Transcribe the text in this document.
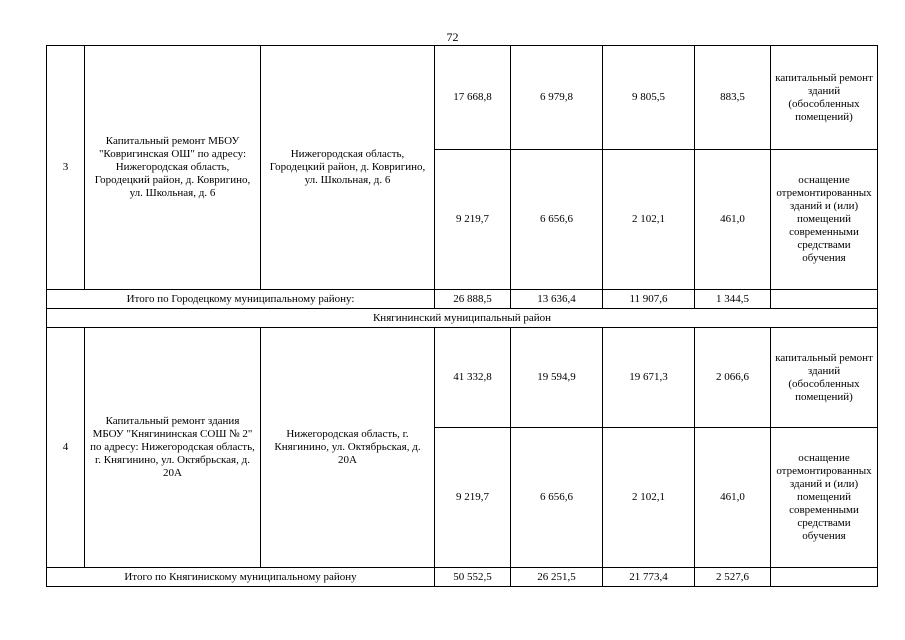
72
3	Капитальный ремонт МБОУ "Ковригинская ОШ" по адресу: Нижегородская область, Городецкий район, д. Ковригино, ул. Школьная, д. 6	Нижегородская область, Городецкий район, д. Ковригино, ул. Школьная, д. 6	17 668,8	6 979,8	9 805,5	883,5	капитальный ремонт зданий (обособленных помещений)
			9 219,7	6 656,6	2 102,1	461,0	оснащение отремонтированных зданий и (или) помещений современными средствами обучения
Итого по Городецкому муниципальному району:			26 888,5	13 636,4	11 907,6	1 344,5	
Княгининский муниципальный район							
4	Капитальный ремонт здания МБОУ "Княгининская СОШ № 2" по адресу: Нижегородская область, г. Княгинино, ул. Октябрьская, д. 20А	Нижегородская область, г. Княгинино, ул. Октябрьская, д. 20А	41 332,8	19 594,9	19 671,3	2 066,6	капитальный ремонт зданий (обособленных помещений)
			9 219,7	6 656,6	2 102,1	461,0	оснащение отремонтированных зданий и (или) помещений современными средствами обучения
Итого по Княгинискому муниципальному району			50 552,5	26 251,5	21 773,4	2 527,6	
